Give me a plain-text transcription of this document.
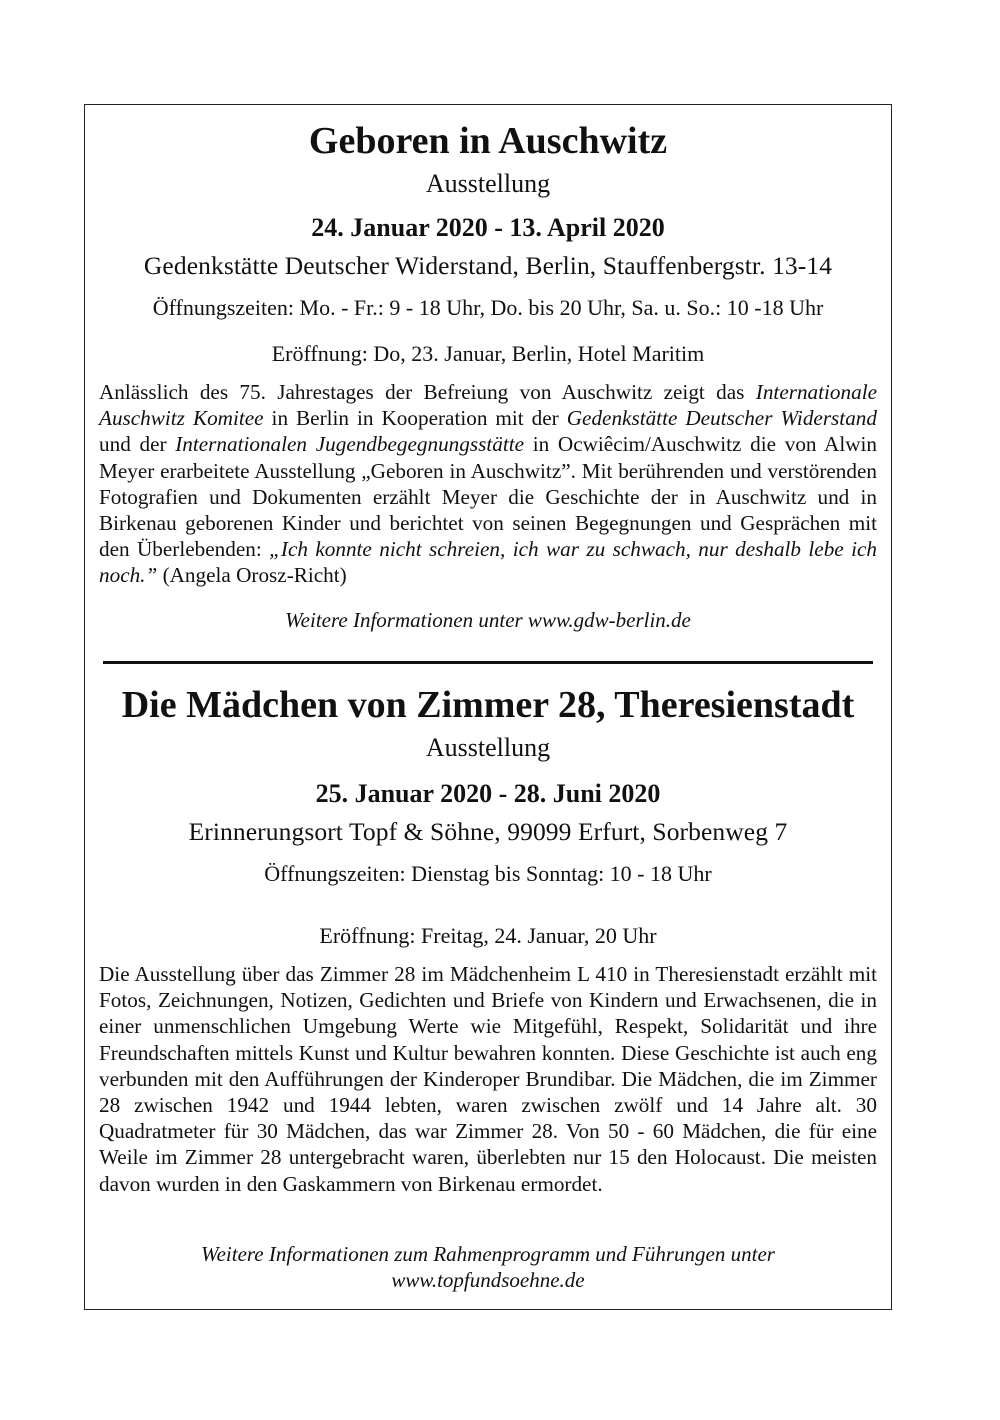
Geboren in Auschwitz
Ausstellung
24. Januar 2020 - 13. April 2020
Gedenkstätte Deutscher Widerstand, Berlin, Stauffenbergstr. 13-14
Öffnungszeiten: Mo. - Fr.: 9 - 18 Uhr, Do. bis 20 Uhr, Sa. u. So.: 10 -18 Uhr
Eröffnung: Do, 23. Januar, Berlin, Hotel Maritim
Anlässlich des 75. Jahrestages der Befreiung von Auschwitz zeigt das Internationale Auschwitz Komitee in Berlin in Kooperation mit der Gedenkstätte Deutscher Widerstand und der Internationalen Jugendbegegnungsstätte in Ocwiêcim/Auschwitz die von Alwin Meyer erarbeitete Ausstellung „Geboren in Auschwitz”. Mit berührenden und verstörenden Fotografien und Dokumenten erzählt Meyer die Geschichte der in Auschwitz und in Birkenau geborenen Kinder und berichtet von seinen Begegnungen und Gesprächen mit den Überlebenden: „Ich konnte nicht schreien, ich war zu schwach, nur deshalb lebe ich noch.” (Angela Orosz-Richt)
Weitere Informationen unter www.gdw-berlin.de
Die Mädchen von Zimmer 28, Theresienstadt
Ausstellung
25. Januar 2020 - 28. Juni 2020
Erinnerungsort Topf & Söhne, 99099 Erfurt, Sorbenweg 7
Öffnungszeiten: Dienstag bis Sonntag: 10 - 18 Uhr
Eröffnung: Freitag, 24. Januar, 20 Uhr
Die Ausstellung über das Zimmer 28 im Mädchenheim L 410 in Theresienstadt erzählt mit Fotos, Zeichnungen, Notizen, Gedichten und Briefe von Kindern und Erwachsenen, die in einer unmenschlichen Umgebung Werte wie Mitgefühl, Respekt, Solidarität und ihre Freundschaften mittels Kunst und Kultur bewahren konnten. Diese Geschichte ist auch eng verbunden mit den Aufführungen der Kinderoper Brundibar. Die Mädchen, die im Zimmer 28 zwischen 1942 und 1944 lebten, waren zwischen zwölf und 14 Jahre alt. 30 Quadratmeter für 30 Mädchen, das war Zimmer 28. Von 50 - 60 Mädchen, die für eine Weile im Zimmer 28 untergebracht waren, überlebten nur 15 den Holocaust. Die meisten davon wurden in den Gaskammern von Birkenau ermordet.
Weitere Informationen zum Rahmenprogramm und Führungen unter
www.topfundsoehne.de
